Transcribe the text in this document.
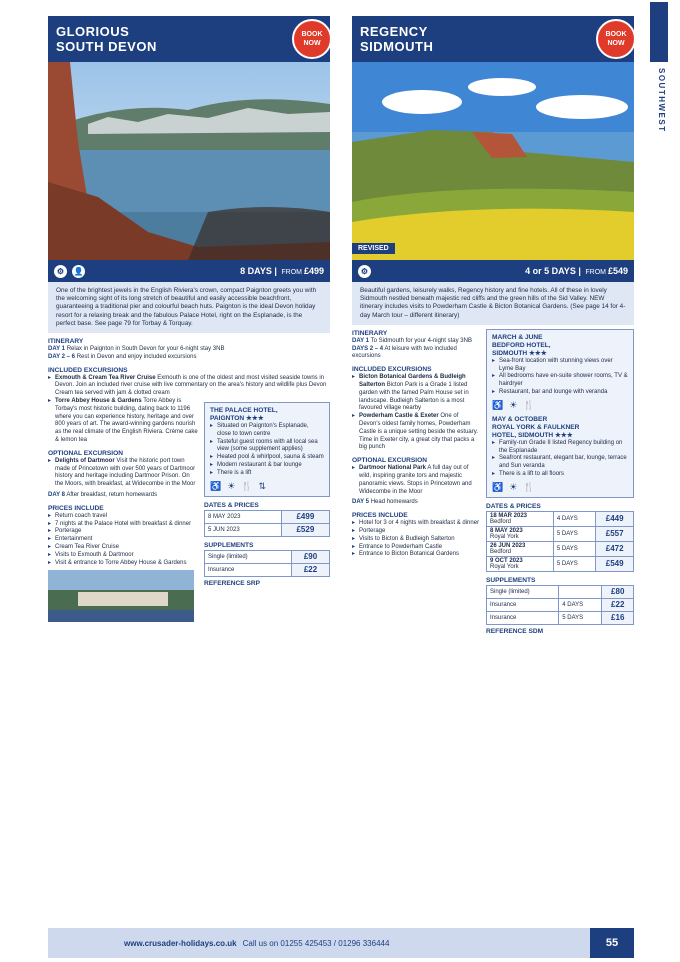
SOUTHWEST
GLORIOUS
SOUTH DEVON
BOOK
NOW
⚙	👤	8 DAYS | FROM £499
One of the brightest jewels in the English Riviera's crown, compact Paignton greets you with the welcoming sight of its long stretch of beautiful and easily accessible beachfront, guaranteeing a traditional pier and colourful beach huts. Paignton is the ideal Devon holiday resort for a relaxing break and the fabulous Palace Hotel, right on the Esplanade, is the perfect base. See page 79 for Torbay & Torquay.
ITINERARY
DAY 1 Relax in Paignton in South Devon for your 6-night stay 3NB
DAY 2 – 6 Rest in Devon and enjoy included excursions
INCLUDED EXCURSIONS
▸ Exmouth & Cream Tea River Cruise Exmouth is one of the oldest and most visited seaside towns in Devon. Join an included river cruise with live commentary on the area's history and wildlife plus Devon Cream tea served with jam & clotted cream
▸ Torre Abbey House & Gardens Torre Abbey is Torbay's most historic building, dating back to 1196 where you can experience history, heritage and over 800 years of art. The award-winning gardens nourish as the real climate of the English Riviera. Crème cake & lemon tea
OPTIONAL EXCURSION
▸ Delights of Dartmoor Visit the historic port town made of Princetown with over 500 years of Dartmoor history and heritage including Dartmoor Prison. On the Moors, with breakfast, at Widecombe in the Moor
DAY 8 After breakfast, return homewards
PRICES INCLUDE
▸ Return coach travel
▸ 7 nights at the Palace Hotel with breakfast & dinner
▸ Porterage
▸ Entertainment
▸ Cream Tea River Cruise
▸ Visits to Exmouth & Dartmoor
▸ Visit & entrance to Torre Abbey House & Gardens
THE PALACE HOTEL,
PAIGNTON ★★★
▸ Situated on Paignton's Esplanade, close to town centre
▸ Tasteful guest rooms with all local sea view (some supplement applies)
▸ Heated pool & whirlpool, sauna & steam
▸ Modern restaurant & bar lounge
▸ There is a lift
♿ ☀ 🍴 ⇅
DATES & PRICES
8 MAY 2023	£499
5 JUN 2023	£529
SUPPLEMENTS
Single (limited)	£90
Insurance	£22
REFERENCE SRP
REGENCY
SIDMOUTH
BOOK
NOW
REVISED
⚙	4 or 5 DAYS | FROM £549
Beautiful gardens, leisurely walks, Regency history and fine hotels. All of these in lovely Sidmouth nestled beneath majestic red cliffs and the green hills of the Sid Valley. NEW itinerary includes visits to Powderham Castle & Bicton Botanical Gardens. (See page 14 for 4-day March tour – different itinerary)
ITINERARY
DAY 1 To Sidmouth for your 4-night stay 3NB
DAYS 2 – 4 At leisure with two included excursions
INCLUDED EXCURSIONS
▸ Bicton Botanical Gardens & Budleigh Salterton Bicton Park is a Grade 1 listed garden with the famed Palm House set in landscape. Budleigh Salterton is a most favoured village nearby
▸ Powderham Castle & Exeter One of Devon's oldest family homes, Powderham Castle is a unique setting beside the estuary. Time in Exeter city, a great city that packs a big punch
OPTIONAL EXCURSION
▸ Dartmoor National Park A full day out of wild, inspiring granite tors and majestic panoramic views. Stops in Princetown and Widecombe in the Moor
DAY 5 Head homewards
PRICES INCLUDE
▸ Hotel for 3 or 4 nights with breakfast & dinner
▸ Porterage
▸ Visits to Bicton & Budleigh Salterton
▸ Entrance to Powderham Castle
▸ Entrance to Bicton Botanical Gardens
MARCH & JUNE
BEDFORD HOTEL,
SIDMOUTH ★★★
▸ Sea-front location with stunning views over Lyme Bay
▸ All bedrooms have en-suite shower rooms, TV & hairdryer
▸ Restaurant, bar and lounge with veranda
♿ ☀ 🍴
MAY & OCTOBER
ROYAL YORK & FAULKNER
HOTEL, SIDMOUTH ★★★
▸ Family-run Grade II listed Regency building on the Esplanade
▸ Seafront restaurant, elegant bar, lounge, terrace and Sun veranda
▸ There is a lift to all floors
♿ ☀ 🍴
DATES & PRICES
18 MAR 2023
Bedford	4 DAYS	£449
8 MAY 2023
Royal York	5 DAYS	£557
26 JUN 2023
Bedford	5 DAYS	£472
9 OCT 2023
Royal York	5 DAYS	£549
SUPPLEMENTS
Single (limited)		£80
Insurance	4 DAYS	£22
Insurance	5 DAYS	£16
REFERENCE SDM
www.crusader-holidays.co.uk Call us on 01255 425453 / 01296 336444	55
